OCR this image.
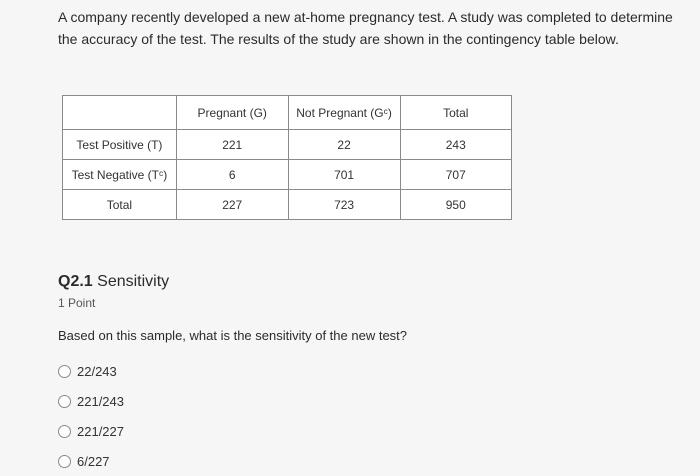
A company recently developed a new at-home pregnancy test. A study was completed to determine the accuracy of the test. The results of the study are shown in the contingency table below.
	Pregnant (G)	Not Pregnant (Gᶜ)	Total
Test Positive (T)	221	22	243
Test Negative (Tᶜ)	6	701	707
Total	227	723	950
Q2.1 Sensitivity
1 Point
Based on this sample, what is the sensitivity of the new test?
22/243
221/243
221/227
6/227
